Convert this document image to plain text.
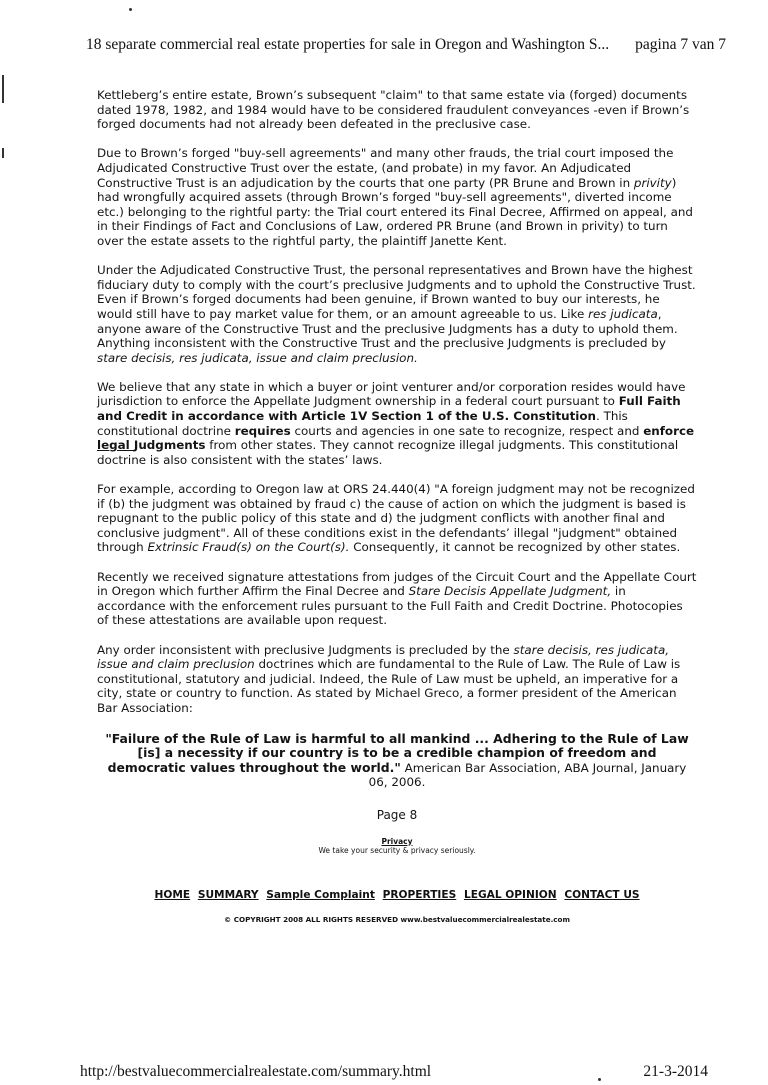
18 separate commercial real estate properties for sale in Oregon and Washington S... pagina 7 van 7

Kettleberg’s entire estate, Brown’s subsequent "claim" to that same estate via (forged) documents dated 1978, 1982, and 1984 would have to be considered fraudulent conveyances -even if Brown’s forged documents had not already been defeated in the preclusive case.

Due to Brown’s forged "buy-sell agreements" and many other frauds, the trial court imposed the Adjudicated Constructive Trust over the estate, (and probate) in my favor. An Adjudicated Constructive Trust is an adjudication by the courts that one party (PR Brune and Brown in privity) had wrongfully acquired assets (through Brown’s forged "buy-sell agreements", diverted income etc.) belonging to the rightful party: the Trial court entered its Final Decree, Affirmed on appeal, and in their Findings of Fact and Conclusions of Law, ordered PR Brune (and Brown in privity) to turn over the estate assets to the rightful party, the plaintiff Janette Kent.

Under the Adjudicated Constructive Trust, the personal representatives and Brown have the highest fiduciary duty to comply with the court’s preclusive Judgments and to uphold the Constructive Trust. Even if Brown’s forged documents had been genuine, if Brown wanted to buy our interests, he would still have to pay market value for them, or an amount agreeable to us. Like res judicata, anyone aware of the Constructive Trust and the preclusive Judgments has a duty to uphold them. Anything inconsistent with the Constructive Trust and the preclusive Judgments is precluded by stare decisis, res judicata, issue and claim preclusion.

We believe that any state in which a buyer or joint venturer and/or corporation resides would have jurisdiction to enforce the Appellate Judgment ownership in a federal court pursuant to Full Faith and Credit in accordance with Article 1V Section 1 of the U.S. Constitution. This constitutional doctrine requires courts and agencies in one sate to recognize, respect and enforce legal Judgments from other states. They cannot recognize illegal judgments. This constitutional doctrine is also consistent with the states’ laws.

For example, according to Oregon law at ORS 24.440(4) "A foreign judgment may not be recognized if (b) the judgment was obtained by fraud c) the cause of action on which the judgment is based is repugnant to the public policy of this state and d) the judgment conflicts with another final and conclusive judgment". All of these conditions exist in the defendants’ illegal "judgment" obtained through Extrinsic Fraud(s) on the Court(s). Consequently, it cannot be recognized by other states.

Recently we received signature attestations from judges of the Circuit Court and the Appellate Court in Oregon which further Affirm the Final Decree and Stare Decisis Appellate Judgment, in accordance with the enforcement rules pursuant to the Full Faith and Credit Doctrine. Photocopies of these attestations are available upon request.

Any order inconsistent with preclusive Judgments is precluded by the stare decisis, res judicata, issue and claim preclusion doctrines which are fundamental to the Rule of Law. The Rule of Law is constitutional, statutory and judicial. Indeed, the Rule of Law must be upheld, an imperative for a city, state or country to function. As stated by Michael Greco, a former president of the American Bar Association:

"Failure of the Rule of Law is harmful to all mankind ... Adhering to the Rule of Law [is] a necessity if our country is to be a credible champion of freedom and democratic values throughout the world." American Bar Association, ABA Journal, January 06, 2006.
Page 8
Privacy
We take your security & privacy seriously.
HOME SUMMARY Sample Complaint PROPERTIES LEGAL OPINION CONTACT US
© COPYRIGHT 2008 ALL RIGHTS RESERVED www.bestvaluecommercialrealestate.com
http://bestvaluecommercialrealestate.com/summary.html	21-3-2014
